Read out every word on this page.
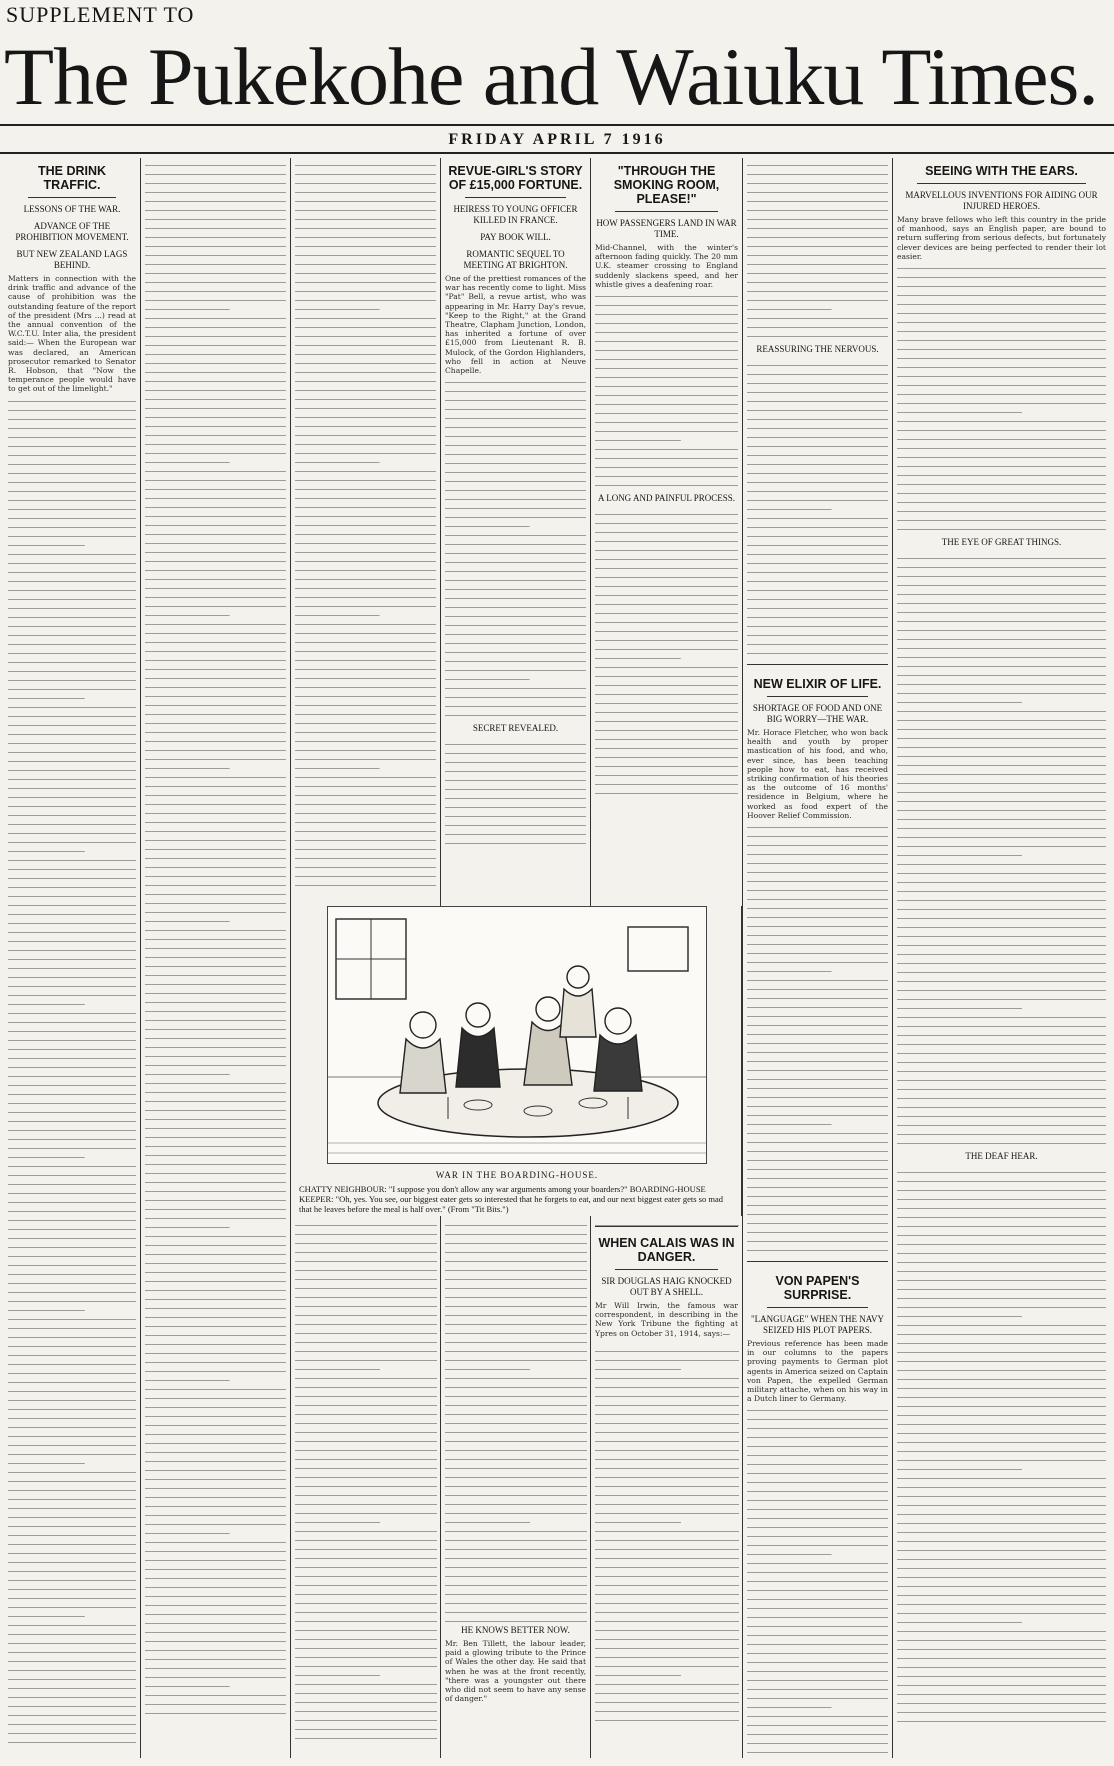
SUPPLEMENT TO
The Pukekohe and Waiuku Times.
FRIDAY APRIL 7 1916
THE DRINK TRAFFIC.
LESSONS OF THE WAR.
ADVANCE OF THE PROHIBITION MOVEMENT.
BUT NEW ZEALAND LAGS BEHIND.
Matters in connection with the drink traffic and advance of the cause of prohibition was the outstanding feature of the report of the president (Mrs ...) read at the annual convention of the W.C.T.U. Inter alia, the president said:— When the European war was declared, an American prosecutor remarked to Senator R. Hobson, that "Now the temperance people would have to get out of the limelight."
REVUE-GIRL'S STORY OF £15,000 FORTUNE.
HEIRESS TO YOUNG OFFICER KILLED IN FRANCE.
PAY BOOK WILL.
ROMANTIC SEQUEL TO MEETING AT BRIGHTON.
One of the prettiest romances of the war has recently come to light. Miss "Pat" Bell, a revue artist, who was appearing in Mr. Harry Day's revue, "Keep to the Right," at the Grand Theatre, Clapham Junction, London, has inherited a fortune of over £15,000 from Lieutenant R. B. Mulock, of the Gordon Highlanders, who fell in action at Neuve Chapelle.
SECRET REVEALED.
"THROUGH THE SMOKING ROOM, PLEASE!"
HOW PASSENGERS LAND IN WAR TIME.
Mid-Channel, with the winter's afternoon fading quickly. The 20 mm U.K. steamer crossing to England suddenly slackens speed, and her whistle gives a deafening roar.
A LONG AND PAINFUL PROCESS.
REASSURING THE NERVOUS.
NEW ELIXIR OF LIFE.
SHORTAGE OF FOOD AND ONE BIG WORRY—THE WAR.
Mr. Horace Fletcher, who won back health and youth by proper mastication of his food, and who, ever since, has been teaching people how to eat, has received striking confirmation of his theories as the outcome of 16 months' residence in Belgium, where he worked as food expert of the Hoover Relief Commission.
VON PAPEN'S SURPRISE.
"LANGUAGE" WHEN THE NAVY SEIZED HIS PLOT PAPERS.
Previous reference has been made in our columns to the papers proving payments to German plot agents in America seized on Captain von Papen, the expelled German military attache, when on his way in a Dutch liner to Germany.
SEEING WITH THE EARS.
MARVELLOUS INVENTIONS FOR AIDING OUR INJURED HEROES.
Many brave fellows who left this country in the pride of manhood, says an English paper, are bound to return suffering from serious defects, but fortunately clever devices are being perfected to render their lot easier.
THE EYE OF GREAT THINGS.
THE DEAF HEAR.
WAR IN THE BOARDING-HOUSE.
CHATTY NEIGHBOUR: "I suppose you don't allow any war arguments among your boarders?" BOARDING-HOUSE KEEPER: "Oh, yes. You see, our biggest eater gets so interested that he forgets to eat, and our next biggest eater gets so mad that he leaves before the meal is half over." (From "Tit Bits.")
WHEN CALAIS WAS IN DANGER.
SIR DOUGLAS HAIG KNOCKED OUT BY A SHELL.
Mr Will Irwin, the famous war correspondent, in describing in the New York Tribune the fighting at Ypres on October 31, 1914, says:—
HE KNOWS BETTER NOW.
Mr. Ben Tillett, the labour leader, paid a glowing tribute to the Prince of Wales the other day. He said that when he was at the front recently, "there was a youngster out there who did not seem to have any sense of danger."
